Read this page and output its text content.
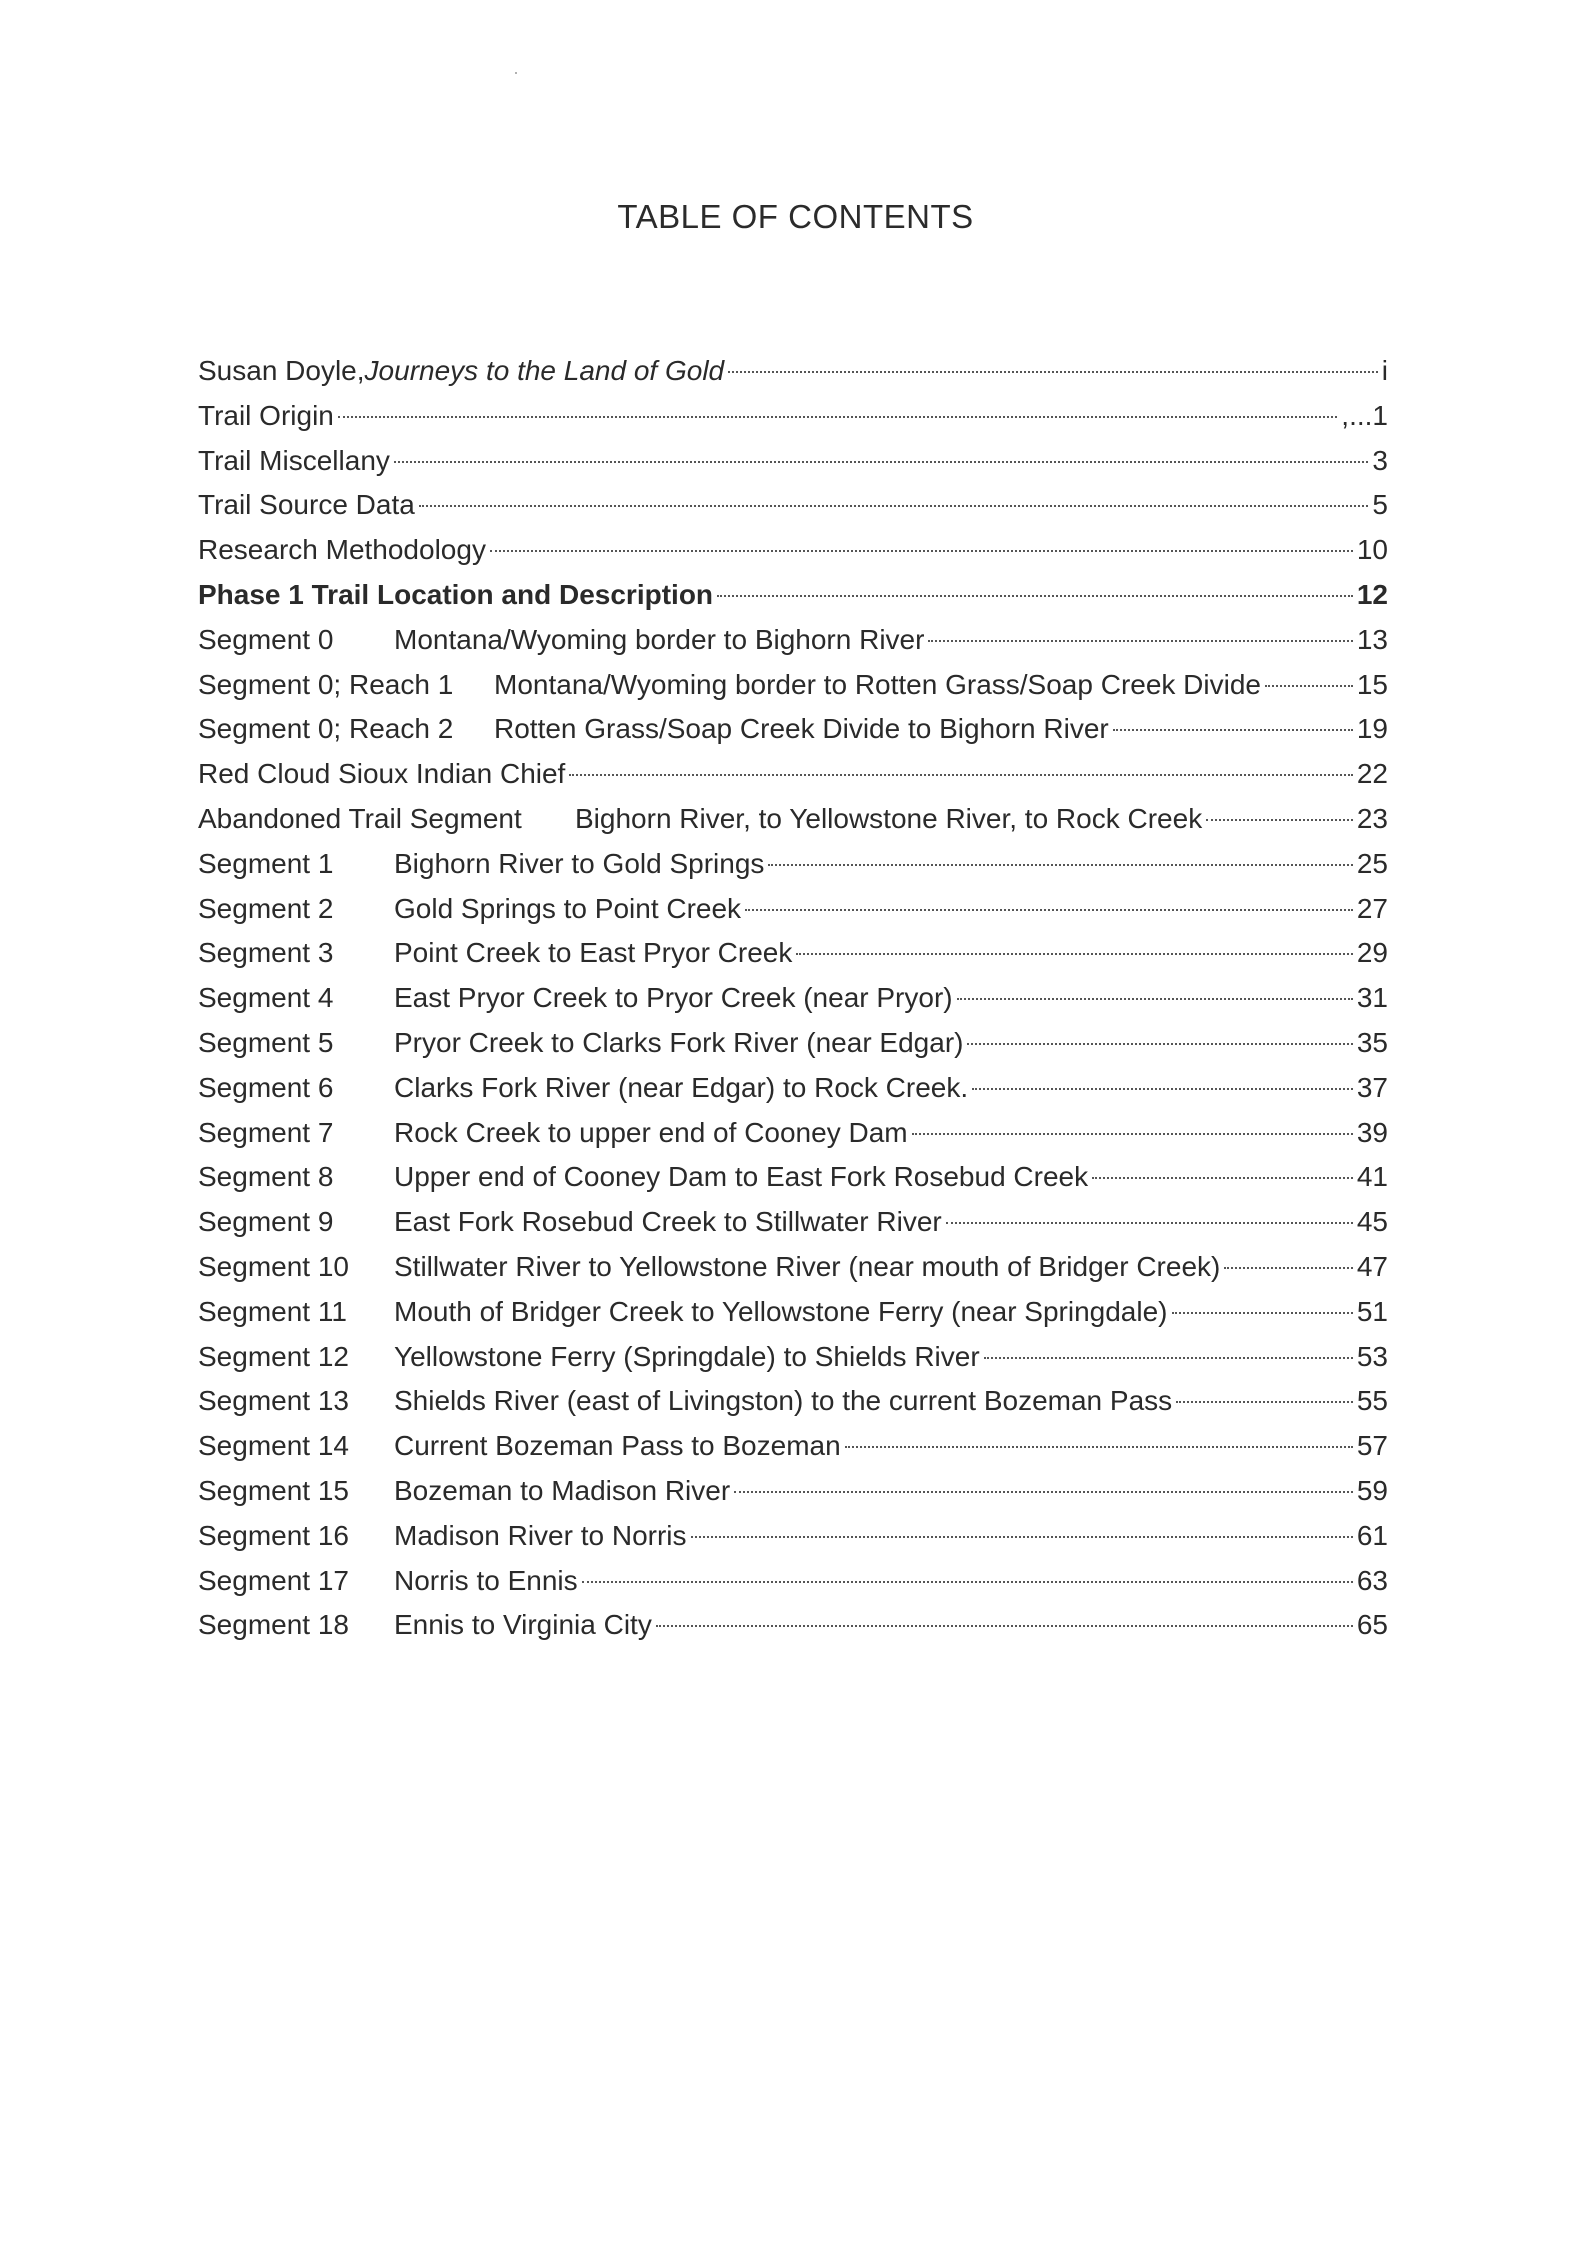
TABLE OF CONTENTS
Susan Doyle, Journeys to the Land of Gold	i
Trail Origin	,...1
Trail Miscellany	3
Trail Source Data	5
Research Methodology	10
Phase 1 Trail Location and Description	12
Segment 0	Montana/Wyoming border to Bighorn River	13
Segment 0; Reach 1	Montana/Wyoming border to Rotten Grass/Soap Creek Divide	15
Segment 0; Reach 2	Rotten Grass/Soap Creek Divide to Bighorn River	19
Red Cloud Sioux Indian Chief	22
Abandoned Trail Segment	Bighorn River, to Yellowstone River, to Rock Creek	23
Segment 1	Bighorn River to Gold Springs	25
Segment 2	Gold Springs to Point Creek	27
Segment 3	Point Creek to East Pryor Creek	29
Segment 4	East Pryor Creek to Pryor Creek (near Pryor)	31
Segment 5	Pryor Creek to Clarks Fork River (near Edgar)	35
Segment 6	Clarks Fork River (near Edgar) to Rock Creek.	37
Segment 7	Rock Creek to upper end of Cooney Dam	39
Segment 8	Upper end of Cooney Dam to East Fork Rosebud Creek	41
Segment 9	East Fork Rosebud Creek to Stillwater River	45
Segment 10	Stillwater River to Yellowstone River (near mouth of Bridger Creek)	47
Segment 11	Mouth of Bridger Creek to Yellowstone Ferry (near Springdale)	51
Segment 12	Yellowstone Ferry (Springdale) to Shields River	53
Segment 13	Shields River (east of Livingston) to the current Bozeman Pass	55
Segment 14	Current Bozeman Pass to Bozeman	57
Segment 15	Bozeman to Madison River	59
Segment 16	Madison River to Norris	61
Segment 17	Norris to Ennis	63
Segment 18	Ennis to Virginia City	65
